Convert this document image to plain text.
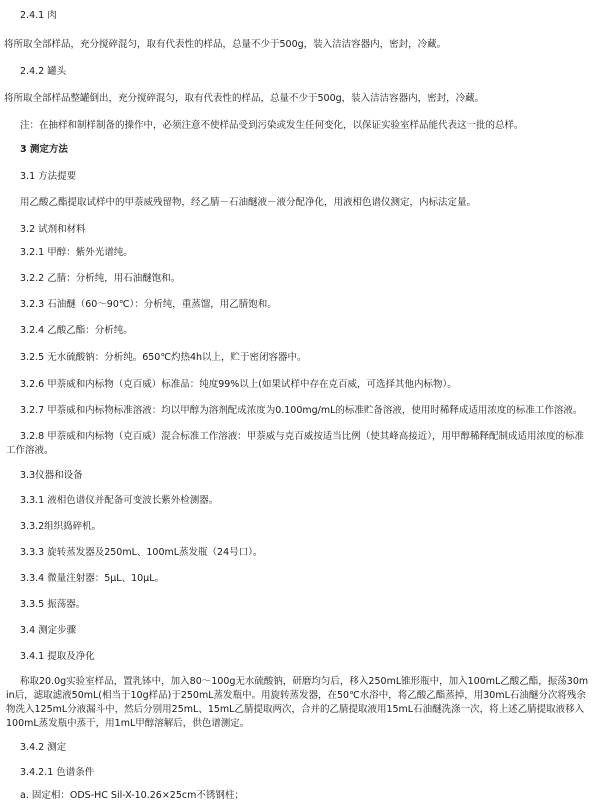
2.4.1 肉
将所取全部样品，充分搅碎混匀，取有代表性的样品，总量不少于500g，装入洁洁容器内，密封，冷藏。
2.4.2 罐头
将所取全部样品整罐倒出，充分搅碎混匀，取有代表性的样品，总量不少于500g，装入洁洁容器内，密封，冷藏。
注：在抽样和制样制备的操作中，必须注意不使样品受到污染或发生任何变化，以保证实验室样品能代表这一批的总样。
3 测定方法
3.1 方法提要
用乙酸乙酯提取试样中的甲萘威残留物，经乙腈－石油醚液－液分配净化，用液相色谱仪测定，内标法定量。
3.2 试剂和材料
3.2.1 甲醇：紫外光谱纯。
3.2.2 乙腈：分析纯，用石油醚饱和。
3.2.3 石油醚（60～90℃）：分析纯，重蒸馏，用乙腈饱和。
3.2.4 乙酸乙酯：分析纯。
3.2.5 无水硫酸钠：分析纯。650℃灼热4h以上，贮于密闭容器中。
3.2.6 甲萘威和内标物（克百威）标准品：纯度99%以上(如果试样中存在克百威，可选择其他内标物）。
3.2.7 甲萘威和内标物标准溶液：均以甲醇为溶剂配成浓度为0.100mg/mL的标准贮备溶液，使用时稀释成适用浓度的标准工作溶液。
3.2.8 甲萘威和内标物（克百威）混合标准工作溶液：甲萘威与克百威按适当比例（使其峰高接近），用甲醇稀释配制成适用浓度的标准工作溶液。
3.3仪器和设备
3.3.1 液相色谱仪并配备可变波长紫外检测器。
3.3.2组织捣碎机。
3.3.3 旋转蒸发器及250mL、100mL蒸发瓶（24号口）。
3.3.4 微量注射器：5μL、10μL。
3.3.5 振荡器。
3.4 测定步骤
3.4.1 提取及净化
称取20.0g实验室样品，置乳钵中，加入80～100g无水硫酸钠，研磨均匀后，移入250mL锥形瓶中，加入100mL乙酸乙酯，振荡30min后，滤取滤液50mL(相当于10g样品)于250mL蒸发瓶中。用旋转蒸发器，在50℃水浴中，将乙酸乙酯蒸掉，用30mL石油醚分次将残余物洗入125mL分液漏斗中，然后分别用25mL、15mL乙腈提取两次，合并的乙腈提取液用15mL石油醚洗涤一次，将上述乙腈提取液移入100mL蒸发瓶中蒸干，用1mL甲醇溶解后，供色谱测定。
3.4.2 测定
3.4.2.1 色谱条件
a. 固定相：ODS-HC Sil-X-10.26×25cm不锈钢柱；
